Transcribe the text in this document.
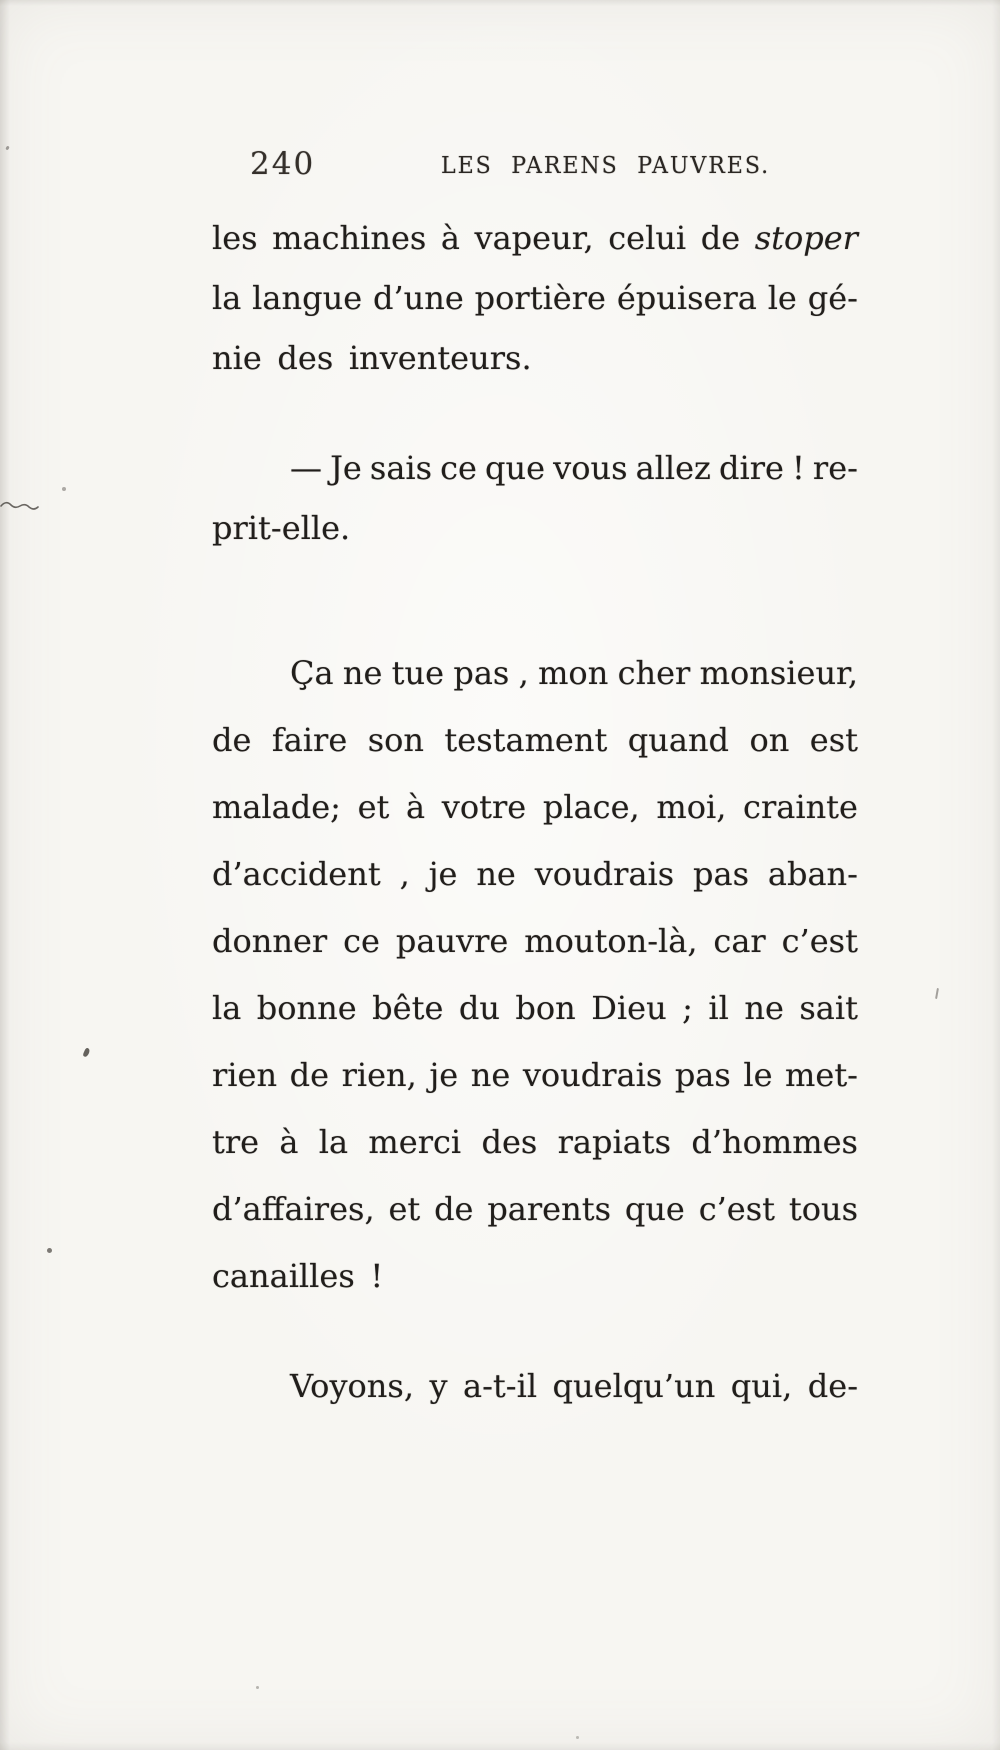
240	LES PARENS PAUVRES.
les machines à vapeur, celui de stoper
la langue d’une portière épuisera le gé-
nie des inventeurs.
— Je sais ce que vous allez dire ! re-
prit-elle.
Ça ne tue pas , mon cher monsieur,
de faire son testament quand on est
malade; et à votre place, moi, crainte
d’accident , je ne voudrais pas aban-
donner ce pauvre mouton-là, car c’est
la bonne bête du bon Dieu ; il ne sait
rien de rien, je ne voudrais pas le met-
tre à la merci des rapiats d’hommes
d’affaires, et de parents que c’est tous
canailles !
Voyons, y a-t-il quelqu’un qui, de-
